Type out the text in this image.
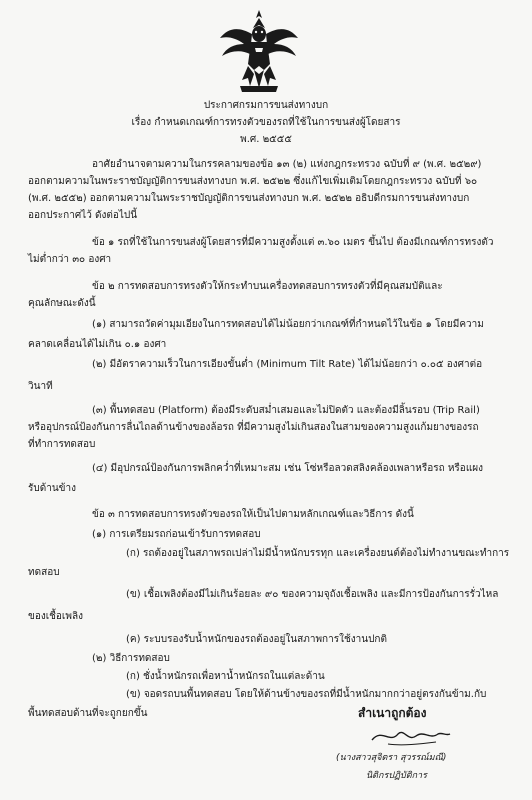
ประกาศกรมการขนส่งทางบก
เรื่อง กำหนดเกณฑ์การทรงตัวของรถที่ใช้ในการขนส่งผู้โดยสาร
พ.ศ. ๒๕๕๕
อาศัยอำนาจตามความในกรรคลามของข้อ ๑๓ (๒) แห่งกฎกระทรวง ฉบับที่ ๙ (พ.ศ. ๒๕๒๙)
ออกตามความในพระราชบัญญัติการขนส่งทางบก พ.ศ. ๒๕๒๒ ซึ่งแก้ไขเพิ่มเติมโดยกฎกระทรวง ฉบับที่ ๖๐
(พ.ศ. ๒๕๕๒) ออกตามความในพระราชบัญญัติการขนส่งทางบก พ.ศ. ๒๕๒๒ อธิบดีกรมการขนส่งทางบก
ออกประกาศไว้ ดังต่อไปนี้
ข้อ ๑ รถที่ใช้ในการขนส่งผู้โดยสารที่มีความสูงตั้งแต่ ๓.๖๐ เมตร ขึ้นไป ต้องมีเกณฑ์การทรงตัว
ไม่ต่ำกว่า ๓๐ องศา
ข้อ ๒ การทดสอบการทรงตัวให้กระทำบนเครื่องทดสอบการทรงตัวที่มีคุณสมบัติและ
คุณลักษณะดังนี้
(๑) สามารถวัดค่ามุมเอียงในการทดสอบได้ไม่น้อยกว่าเกณฑ์ที่กำหนดไว้ในข้อ ๑ โดยมีความ
คลาดเคลื่อนได้ไม่เกิน ๐.๑ องศา
(๒) มีอัตราความเร็วในการเอียงขั้นต่ำ (Minimum Tilt Rate) ได้ไม่น้อยกว่า ๐.๐๕ องศาต่อ
วินาที
(๓) พื้นทดสอบ (Platform) ต้องมีระดับสม่ำเสมอและไม่ปิดตัว และต้องมีลิ้นรอบ (Trip Rail)
หรืออุปกรณ์ป้องกันการลื่นไถลด้านข้างของล้อรถ ที่มีความสูงไม่เกินสองในสามของความสูงแก้มยางของรถ
ที่ทำการทดสอบ
(๔) มีอุปกรณ์ป้องกันการพลิกคว่ำที่เหมาะสม เช่น โซ่หรือลวดสลิงคล้องเพลาหรือรถ หรือแผง
รับด้านข้าง
ข้อ ๓ การทดสอบการทรงตัวของรถให้เป็นไปตามหลักเกณฑ์และวิธีการ ดังนี้
(๑) การเตรียมรถก่อนเข้ารับการทดสอบ
(ก) รถต้องอยู่ในสภาพรถเปล่าไม่มีน้ำหนักบรรทุก และเครื่องยนต์ต้องไม่ทำงานขณะทำการ
ทดสอบ
(ข) เชื้อเพลิงต้องมีไม่เกินร้อยละ ๙๐ ของความจุถังเชื้อเพลิง และมีการป้องกันการรั่วไหล
ของเชื้อเพลิง
(ค) ระบบรองรับน้ำหนักของรถต้องอยู่ในสภาพการใช้งานปกติ
(๒) วิธีการทดสอบ
(ก) ชั่งน้ำหนักรถเพื่อหาน้ำหนักรถในแต่ละด้าน
(ข) จอดรถบนพื้นทดสอบ โดยให้ด้านข้างของรถที่มีน้ำหนักมากกว่าอยู่ตรงกันข้าม.กับ
พื้นทดสอบด้านที่จะถูกยกขึ้น	สำเนาถูกต้อง
(นางสาวสุจิตรา สุวรรณ์มณี)
นิติกรปฏิบัติการ
